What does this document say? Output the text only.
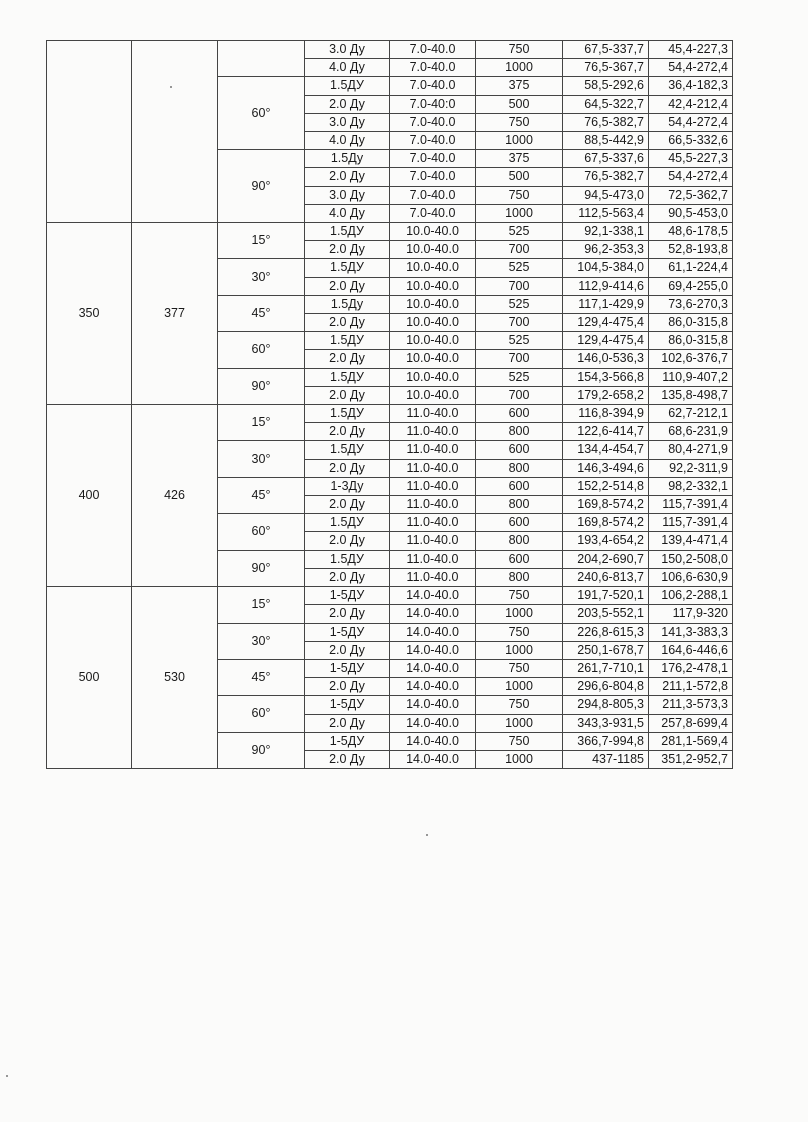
			3.0 Ду	7.0-40.0	750	67,5-337,7	45,4-227,3
			4.0 Ду	7.0-40.0	1000	76,5-367,7	54,4-272,4
		60°	1.5ДУ	7.0-40.0	375	58,5-292,6	36,4-182,3
			2.0 Ду	7.0-40:0	500	64,5-322,7	42,4-212,4
			3.0 Ду	7.0-40.0	750	76,5-382,7	54,4-272,4
			4.0 Ду	7.0-40.0	1000	88,5-442,9	66,5-332,6
		90°	1.5Ду	7.0-40.0	375	67,5-337,6	45,5-227,3
			2.0 Ду	7.0-40.0	500	76,5-382,7	54,4-272,4
			3.0 Ду	7.0-40.0	750	94,5-473,0	72,5-362,7
			4.0 Ду	7.0-40.0	1000	112,5-563,4	90,5-453,0
350	377	15°	1.5ДУ	10.0-40.0	525	92,1-338,1	48,6-178,5
			2.0 Ду	10.0-40.0	700	96,2-353,3	52,8-193,8
		30°	1.5ДУ	10.0-40.0	525	104,5-384,0	61,1-224,4
			2.0 Ду	10.0-40.0	700	112,9-414,6	69,4-255,0
		45°	1.5Ду	10.0-40.0	525	117,1-429,9	73,6-270,3
			2.0 Ду	10.0-40.0	700	129,4-475,4	86,0-315,8
		60°	1.5ДУ	10.0-40.0	525	129,4-475,4	86,0-315,8
			2.0 Ду	10.0-40.0	700	146,0-536,3	102,6-376,7
		90°	1.5ДУ	10.0-40.0	525	154,3-566,8	110,9-407,2
			2.0 Ду	10.0-40.0	700	179,2-658,2	135,8-498,7
400	426	15°	1.5ДУ	11.0-40.0	600	116,8-394,9	62,7-212,1
			2.0 Ду	11.0-40.0	800	122,6-414,7	68,6-231,9
		30°	1.5ДУ	11.0-40.0	600	134,4-454,7	80,4-271,9
			2.0 Ду	11.0-40.0	800	146,3-494,6	92,2-311,9
		45°	1-3Ду	11.0-40.0	600	152,2-514,8	98,2-332,1
			2.0 Ду	11.0-40.0	800	169,8-574,2	115,7-391,4
		60°	1.5ДУ	11.0-40.0	600	169,8-574,2	115,7-391,4
			2.0 Ду	11.0-40.0	800	193,4-654,2	139,4-471,4
		90°	1.5ДУ	11.0-40.0	600	204,2-690,7	150,2-508,0
			2.0 Ду	11.0-40.0	800	240,6-813,7	106,6-630,9
500	530	15°	1-5ДУ	14.0-40.0	750	191,7-520,1	106,2-288,1
			2.0 Ду	14.0-40.0	1000	203,5-552,1	117,9-320
		30°	1-5ДУ	14.0-40.0	750	226,8-615,3	141,3-383,3
			2.0 Ду	14.0-40.0	1000	250,1-678,7	164,6-446,6
		45°	1-5ДУ	14.0-40.0	750	261,7-710,1	176,2-478,1
			2.0 Ду	14.0-40.0	1000	296,6-804,8	211,1-572,8
		60°	1-5ДУ	14.0-40.0	750	294,8-805,3	211,3-573,3
			2.0 Ду	14.0-40.0	1000	343,3-931,5	257,8-699,4
		90°	1-5ДУ	14.0-40.0	750	366,7-994,8	281,1-569,4
			2.0 Ду	14.0-40.0	1000	437-1185	351,2-952,7
